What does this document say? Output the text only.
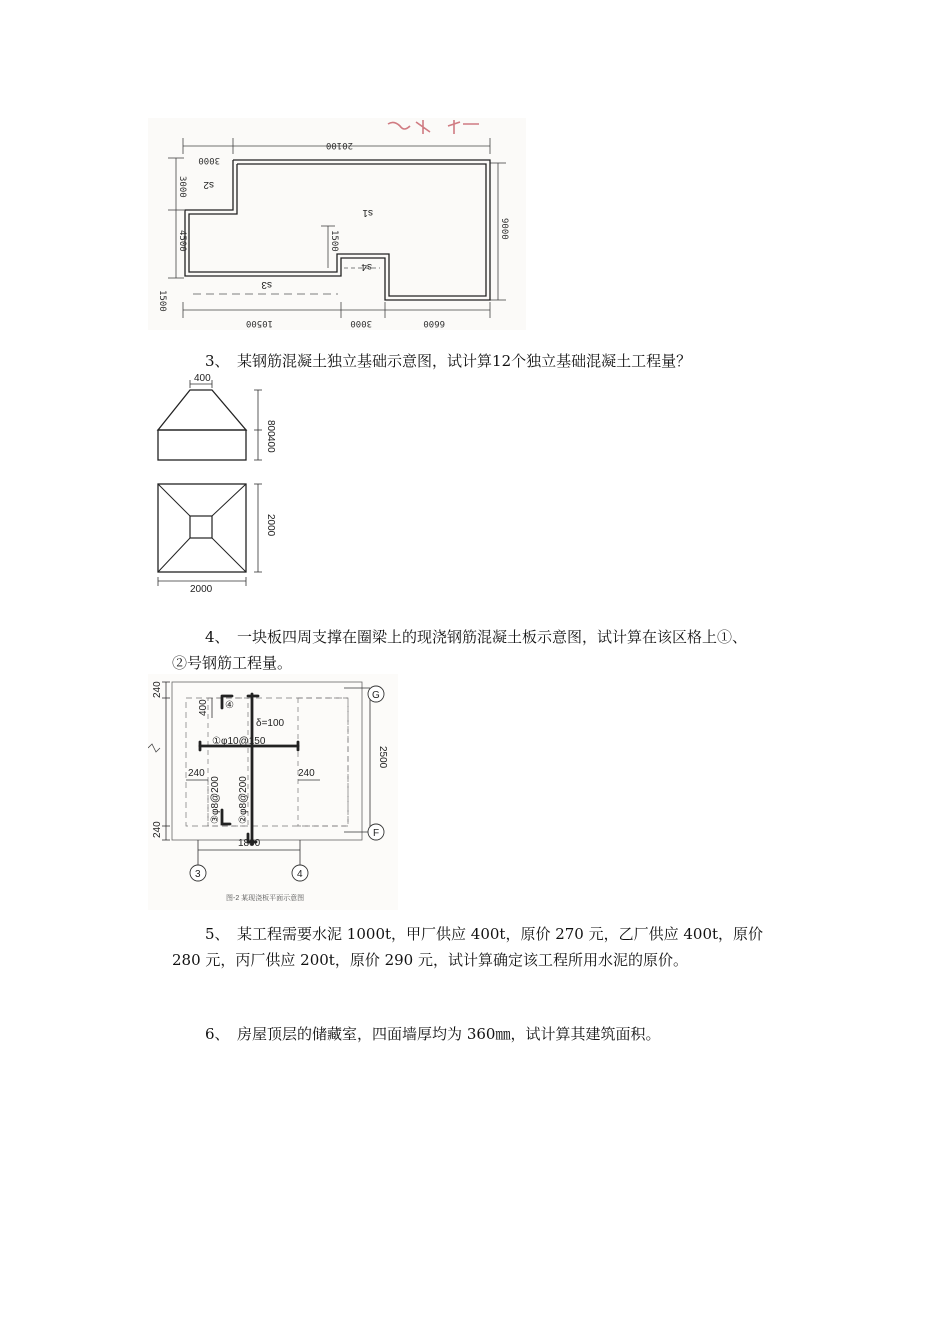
20100
3000
3000
4500	1500
9000
10500	3000	6600
1500
s1
s2
s3
s4

3、　某钢筋混凝土独立基础示意图，试计算12个独立基础混凝土工程量？

400
800
400
2000
2000

4、　一块板四周支撑在圈梁上的现浇钢筋混凝土板示意图，试计算在该区格上①、

②号钢筋工程量。

240
240
400
2500
G
F
240	240
δ=100
①φ10@150
②φ8@200
③φ8@200
④
1800
3	4
图-2 某现浇板平面示意图

5、　某工程需要水泥 1000t，甲厂供应 400t，原价 270 元，乙厂供应 400t，原价

280 元，丙厂供应 200t，原价 290 元，试计算确定该工程所用水泥的原价。

6、　房屋顶层的储藏室，四面墙厚均为 360㎜，试计算其建筑面积。
